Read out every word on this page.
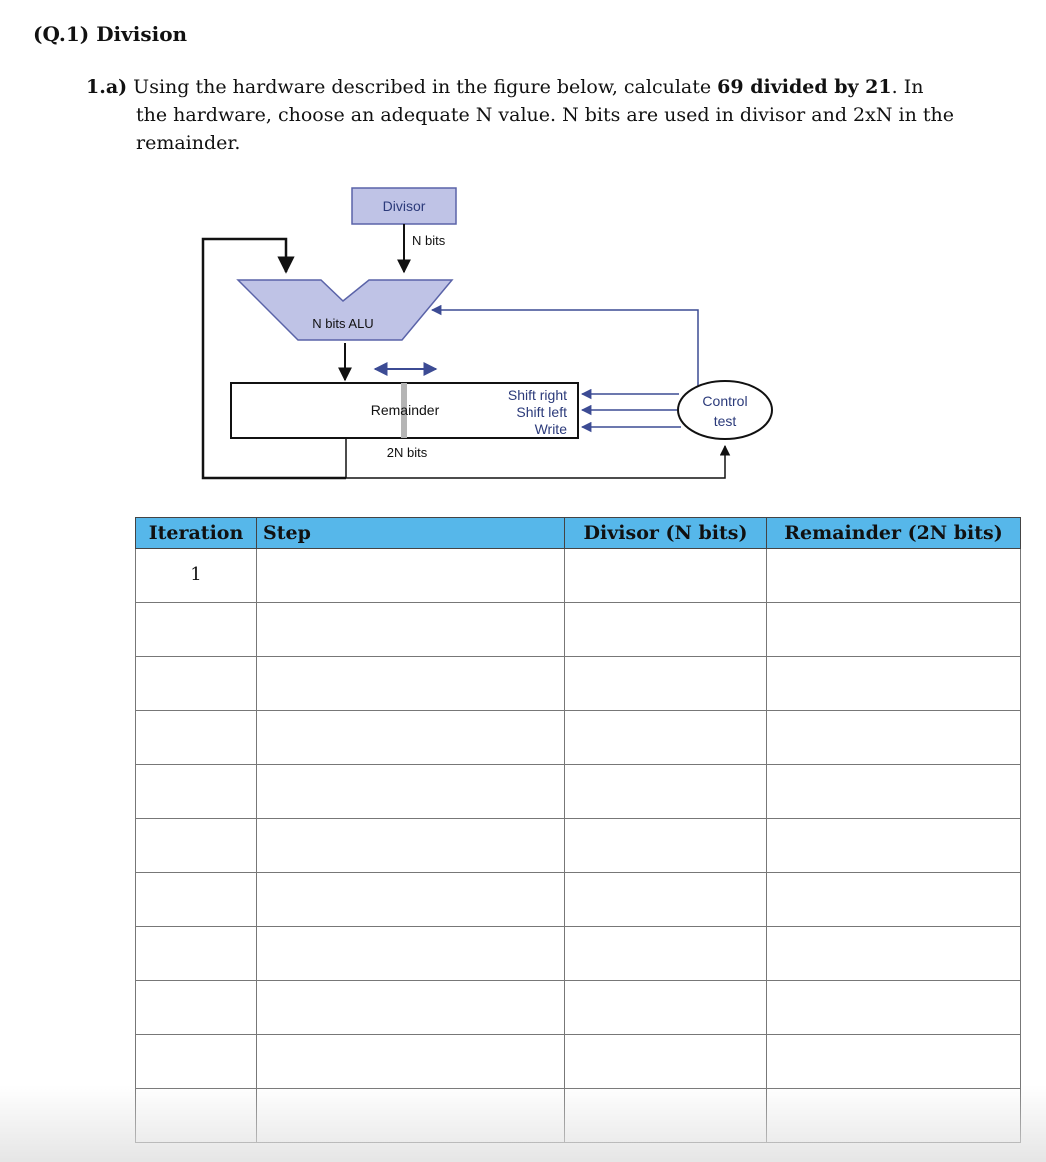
(Q.1) Division
1.a) Using the hardware described in the figure below, calculate 69 divided by 21. In
the hardware, choose an adequate N value. N bits are used in divisor and 2xN in the
remainder.
Divisor
N bits
N bits ALU
Remainder
2N bits
Shift right
Shift left
Write
Control
test
Iteration	Step	Divisor (N bits)	Remainder (2N bits)
1			
